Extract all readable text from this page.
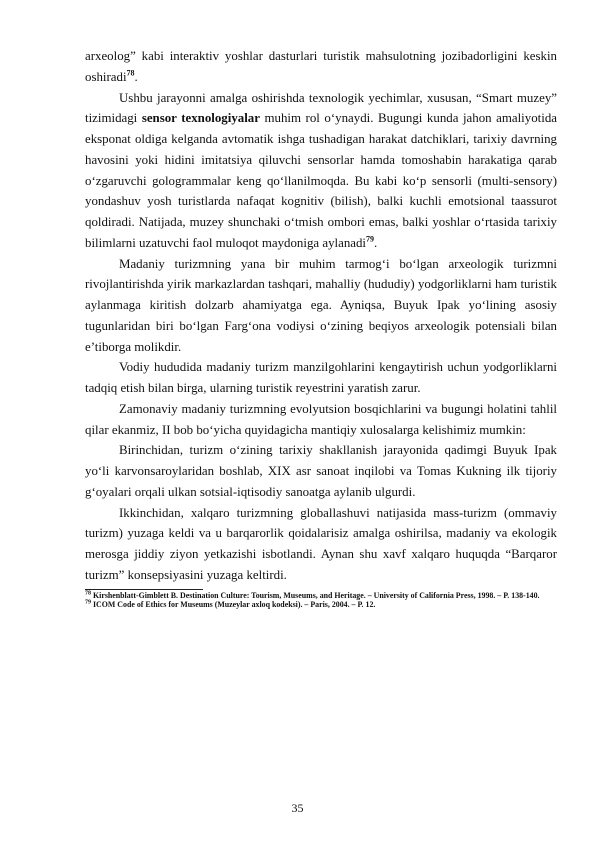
arxeolog” kabi interaktiv yoshlar dasturlari turistik mahsulotning jozibadorligini keskin oshiradi$^{78}$.

Ushbu jarayonni amalga oshirishda texnologik yechimlar, xususan, “Smart muzey” tizimidagi sensor texnologiyalar muhim rol o‘ynaydi. Bugungi kunda jahon amaliyotida eksponat oldiga kelganda avtomatik ishga tushadigan harakat datchiklari, tarixiy davrning havosini yoki hidini imitatsiya qiluvchi sensorlar hamda tomoshabin harakatiga qarab o‘zgaruvchi gologrammalar keng qo‘llanilmoqda. Bu kabi ko‘p sensorli (multi-sensory) yondashuv yosh turistlarda nafaqat kognitiv (bilish), balki kuchli emotsional taassurot qoldiradi. Natijada, muzey shunchaki o‘tmish ombori emas, balki yoshlar o‘rtasida tarixiy bilimlarni uzatuvchi faol muloqot maydoniga aylanadi$^{79}$.

Madaniy turizmning yana bir muhim tarmog‘i bo‘lgan arxeologik turizmni rivojlantirishda yirik markazlardan tashqari, mahalliy (hududiy) yodgorliklarni ham turistik aylanmaga kiritish dolzarb ahamiyatga ega. Ayniqsa, Buyuk Ipak yo‘lining asosiy tugunlaridan biri bo‘lgan Farg‘ona vodiysi o‘zining beqiyos arxeologik potensiali bilan e’tiborga molikdir.

Vodiy hududida madaniy turizm manzilgohlarini kengaytirish uchun yodgorliklarni tadqiq etish bilan birga, ularning turistik reyestrini yaratish zarur.

Zamonaviy madaniy turizmning evolyutsion bosqichlarini va bugungi holatini tahlil qilar ekanmiz, II bob bo‘yicha quyidagicha mantiqiy xulosalarga kelishimiz mumkin:

Birinchidan, turizm o‘zining tarixiy shakllanish jarayonida qadimgi Buyuk Ipak yo‘li karvonsaroylaridan boshlab, XIX asr sanoat inqilobi va Tomas Kukning ilk tijoriy g‘oyalari orqali ulkan sotsial-iqtisodiy sanoatga aylanib ulgurdi.

Ikkinchidan, xalqaro turizmning globallashuvi natijasida mass-turizm (ommaviy turizm) yuzaga keldi va u barqarorlik qoidalarisiz amalga oshirilsa, madaniy va ekologik merosga jiddiy ziyon yetkazishi isbotlandi. Aynan shu xavf xalqaro huquqda “Barqaror turizm” konsepsiyasini yuzaga keltirdi.

$^{78}$ Kirshenblatt-Gimblett B. Destination Culture: Tourism, Museums, and Heritage. – University of California Press, 1998. – P. 138-140.

$^{79}$ ICOM Code of Ethics for Museums (Muzeylar axloq kodeksi). – Paris, 2004. – P. 12.

35
